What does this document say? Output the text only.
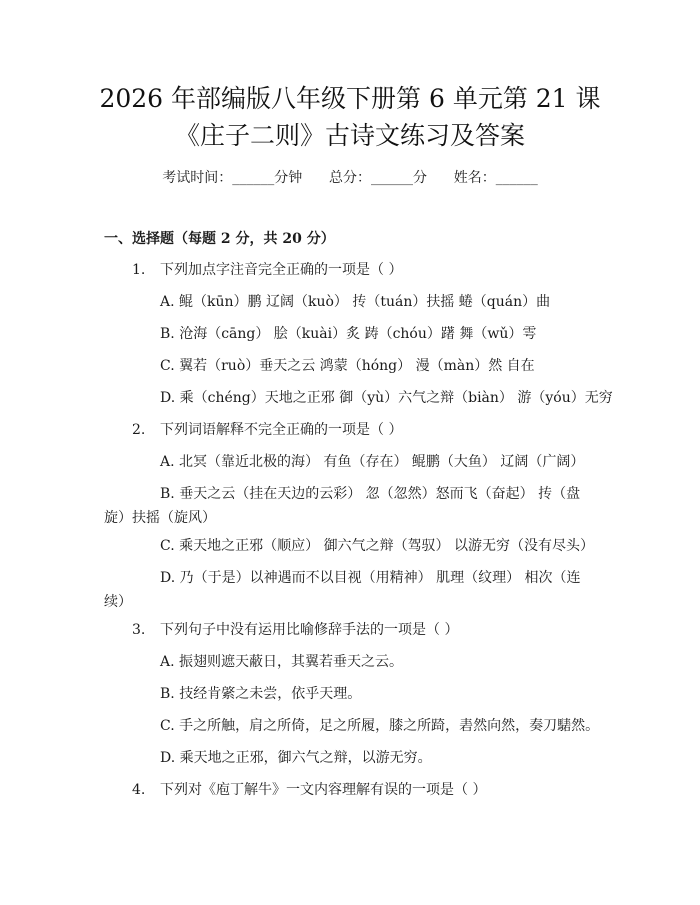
2026 年部编版八年级下册第 6 单元第 21 课
《庄子二则》古诗文练习及答案
考试时间：______分钟      总分：______分      姓名：______
一、选择题（每题 2 分，共 20 分）
1. 下列加点字注音完全正确的一项是（ ）
A. 鲲（kūn）鹏 辽阔（kuò） 抟（tuán）扶摇 蜷（quán）曲
B. 沧海（cāng） 脍（kuài）炙 踌（chóu）躇 舞（wǔ）雩
C. 翼若（ruò）垂天之云 鸿蒙（hóng） 漫（màn）然 自在
D. 乘（chéng）天地之正邪 御（yù）六气之辩（biàn） 游（yóu）无穷
2. 下列词语解释不完全正确的一项是（ ）
A. 北冥（靠近北极的海） 有鱼（存在） 鲲鹏（大鱼） 辽阔（广阔）
B. 垂天之云（挂在天边的云彩） 忽（忽然）怒而飞（奋起） 抟（盘旋）扶摇（旋风）
C. 乘天地之正邪（顺应） 御六气之辩（驾驭） 以游无穷（没有尽头）
D. 乃（于是）以神遇而不以目视（用精神） 肌理（纹理） 相次（连续）
3. 下列句子中没有运用比喻修辞手法的一项是（ ）
A. 振翅则遮天蔽日，其翼若垂天之云。
B. 技经肯綮之未尝，依乎天理。
C. 手之所触，肩之所倚，足之所履，膝之所踦，砉然向然，奏刀騞然。
D. 乘天地之正邪，御六气之辩，以游无穷。
4. 下列对《庖丁解牛》一文内容理解有误的一项是（ ）
